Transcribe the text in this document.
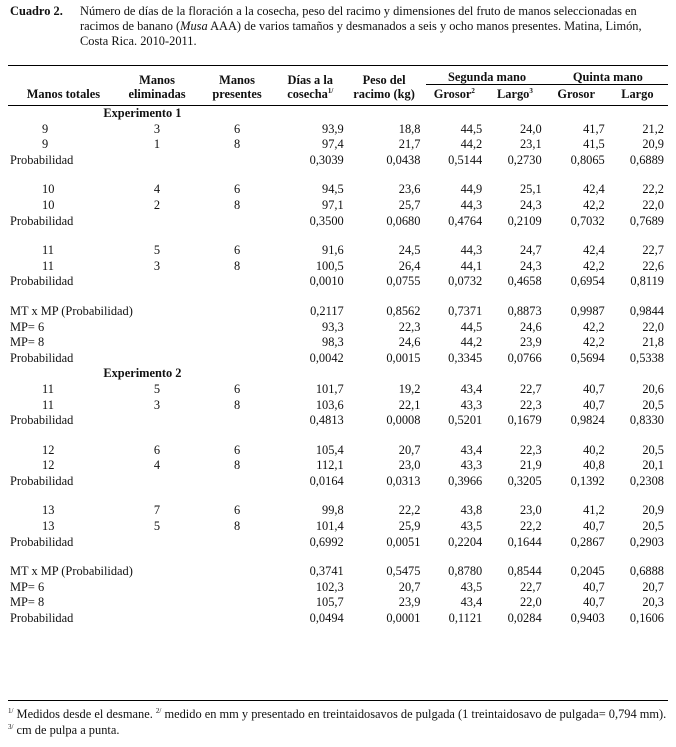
Cuadro 2. Número de días de la floración a la cosecha, peso del racimo y dimensiones del fruto de manos seleccionadas en racimos de banano (Musa AAA) de varios tamaños y desmanados a seis y ocho manos presentes. Matina, Limón, Costa Rica. 2010-2011.
Manos totales	Manos eliminadas	Manos presentes	Días a la cosecha$^{1/}$	Peso del racimo (kg)	Segunda mano		Quinta mano	
					Grosor$^2$	Largo$^3$	Grosor	Largo

Experimento 1								
9	3	6	93,9	18,8	44,5	24,0	41,7	21,2
9	1	8	97,4	21,7	44,2	23,1	41,5	20,9
Probabilidad			0,3039	0,0438	0,5144	0,2730	0,8065	0,6889

10	4	6	94,5	23,6	44,9	25,1	42,4	22,2
10	2	8	97,1	25,7	44,3	24,3	42,2	22,0
Probabilidad			0,3500	0,0680	0,4764	0,2109	0,7032	0,7689

11	5	6	91,6	24,5	44,3	24,7	42,4	22,7
11	3	8	100,5	26,4	44,1	24,3	42,2	22,6
Probabilidad			0,0010	0,0755	0,0732	0,4658	0,6954	0,8119

MT x MP (Probabilidad)			0,2117	0,8562	0,7371	0,8873	0,9987	0,9844
MP= 6			93,3	22,3	44,5	24,6	42,2	22,0
MP= 8			98,3	24,6	44,2	23,9	42,2	21,8
Probabilidad			0,0042	0,0015	0,3345	0,0766	0,5694	0,5338
Experimento 2								
11	5	6	101,7	19,2	43,4	22,7	40,7	20,6
11	3	8	103,6	22,1	43,3	22,3	40,7	20,5
Probabilidad			0,4813	0,0008	0,5201	0,1679	0,9824	0,8330

12	6	6	105,4	20,7	43,4	22,3	40,2	20,5
12	4	8	112,1	23,0	43,3	21,9	40,8	20,1
Probabilidad			0,0164	0,0313	0,3966	0,3205	0,1392	0,2308

13	7	6	99,8	22,2	43,8	23,0	41,2	20,9
13	5	8	101,4	25,9	43,5	22,2	40,7	20,5
Probabilidad			0,6992	0,0051	0,2204	0,1644	0,2867	0,2903

MT x MP (Probabilidad)			0,3741	0,5475	0,8780	0,8544	0,2045	0,6888
MP= 6			102,3	20,7	43,5	22,7	40,7	20,7
MP= 8			105,7	23,9	43,4	22,0	40,7	20,3
Probabilidad			0,0494	0,0001	0,1121	0,0284	0,9403	0,1606
$^{1/}$ Medidos desde el desmane. $^{2/}$ medido en mm y presentado en treintaidosavos de pulgada (1 treintaidosavo de pulgada= 0,794 mm). $^{3/}$ cm de pulpa a punta.
